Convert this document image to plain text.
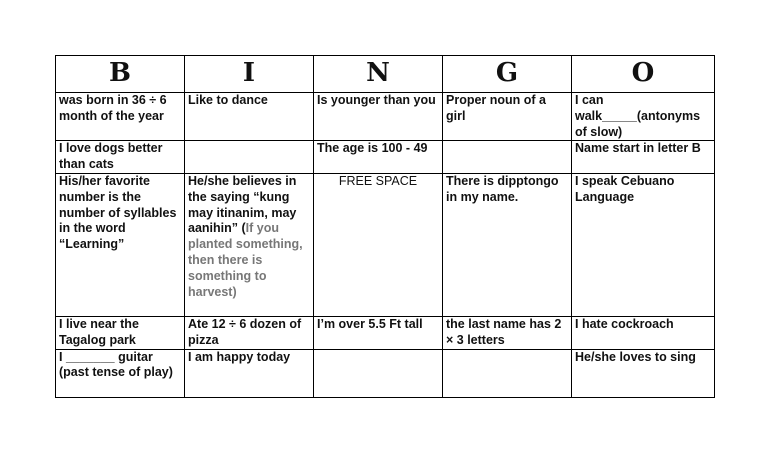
B	I	N	G	O
was born in 36 ÷ 6 month of the year	Like to dance	Is younger than you	Proper noun of a girl	I can walk_____(antonyms of slow)
I love dogs better than cats		The age is 100 - 49		Name start in letter B
His/her favorite number is the number of syllables in the word “Learning”	He/she believes in the saying “kung may itinanim, may aanihin” (If you planted something, then there is something to harvest)	FREE SPACE	There is dipptongo in my name.	I speak Cebuano Language
I live near the Tagalog park	Ate 12 ÷ 6 dozen of pizza	I’m over 5.5 Ft tall	the last name has 2 × 3 letters	I hate cockroach
I _______ guitar (past tense of play)	I am happy today			He/she loves to sing
